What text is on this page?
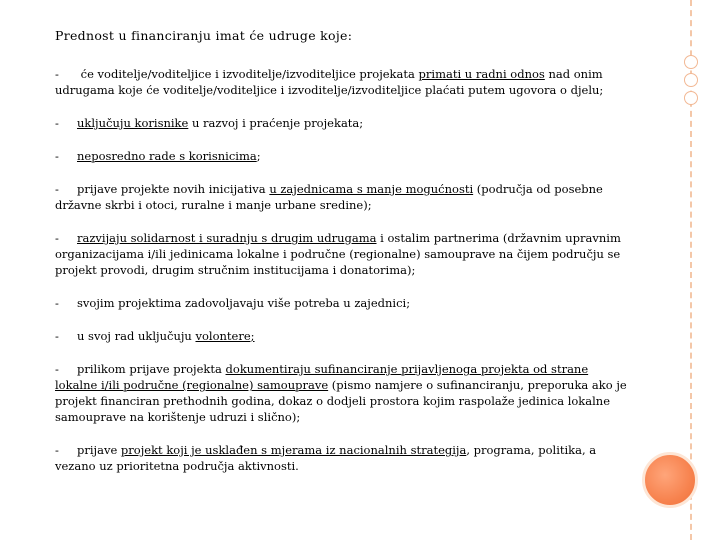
Prednost u financiranju imat će udruge koje:
- će voditelje/voditeljice i izvoditelje/izvoditeljice projekata primati u radni odnos nad onim udrugama koje će voditelje/voditeljice i izvoditelje/izvoditeljice plaćati putem ugovora o djelu;
- uključuju korisnike u razvoj i praćenje projekata;
- neposredno rade s korisnicima;
- prijave projekte novih inicijativa u zajednicama s manje mogućnosti (područja od posebne državne skrbi i otoci, ruralne i manje urbane sredine);
- razvijaju solidarnost i suradnju s drugim udrugama i ostalim partnerima (državnim upravnim organizacijama i/ili jedinicama lokalne i područne (regionalne) samouprave na čijem području se projekt provodi, drugim stručnim institucijama i donatorima);
- svojim projektima zadovoljavaju više potreba u zajednici;
- u svoj rad uključuju volontere;
- prilikom prijave projekta dokumentiraju sufinanciranje prijavljenoga projekta od strane lokalne i/ili područne (regionalne) samouprave (pismo namjere o sufinanciranju, preporuka ako je projekt financiran prethodnih godina, dokaz o dodjeli prostora kojim raspolaže jedinica lokalne samouprave na korištenje udruzi i slično);
- prijave projekt koji je usklađen s mjerama iz nacionalnih strategija, programa, politika, a vezano uz prioritetna područja aktivnosti.
